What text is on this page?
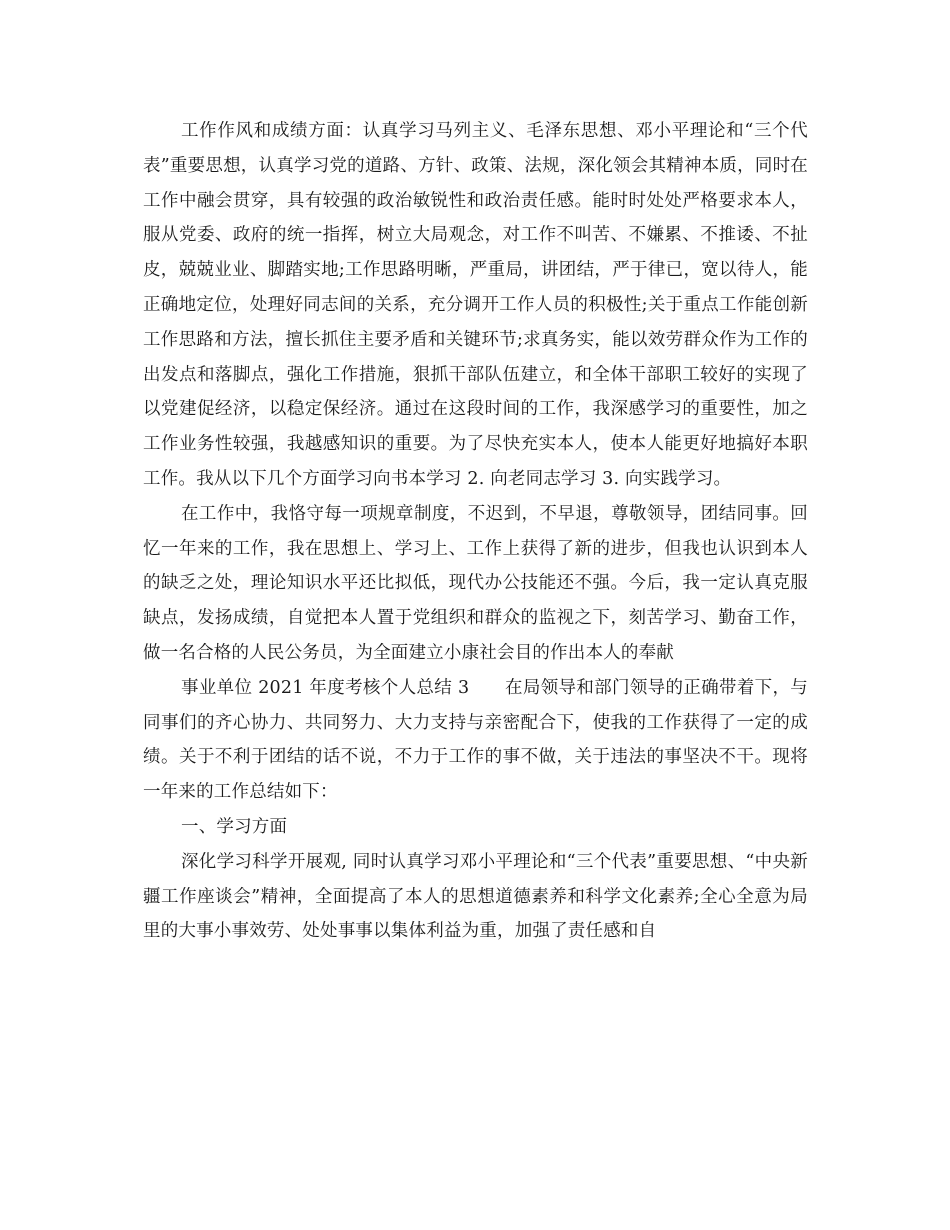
工作作风和成绩方面：认真学习马列主义、毛泽东思想、邓小平理论和“三个代表”重要思想，认真学习党的道路、方针、政策、法规，深化领会其精神本质，同时在工作中融会贯穿，具有较强的政治敏锐性和政治责任感。能时时处处严格要求本人，服从党委、政府的统一指挥，树立大局观念，对工作不叫苦、不嫌累、不推诿、不扯皮，兢兢业业、脚踏实地;工作思路明晰，严重局，讲团结，严于律已，宽以待人，能正确地定位，处理好同志间的关系，充分调开工作人员的积极性;关于重点工作能创新工作思路和方法，擅长抓住主要矛盾和关键环节;求真务实，能以效劳群众作为工作的出发点和落脚点，强化工作措施，狠抓干部队伍建立，和全体干部职工较好的实现了以党建促经济，以稳定保经济。通过在这段时间的工作，我深感学习的重要性，加之工作业务性较强，我越感知识的重要。为了尽快充实本人，使本人能更好地搞好本职工作。我从以下几个方面学习向书本学习 2. 向老同志学习 3. 向实践学习。

在工作中，我恪守每一项规章制度，不迟到，不早退，尊敬领导，团结同事。回忆一年来的工作，我在思想上、学习上、工作上获得了新的进步，但我也认识到本人的缺乏之处，理论知识水平还比拟低，现代办公技能还不强。今后，我一定认真克服缺点，发扬成绩，自觉把本人置于党组织和群众的监视之下，刻苦学习、勤奋工作，做一名合格的人民公务员，为全面建立小康社会目的作出本人的奉献

事业单位 2021 年度考核个人总结 3　　在局领导和部门领导的正确带着下，与同事们的齐心协力、共同努力、大力支持与亲密配合下，使我的工作获得了一定的成绩。关于不利于团结的话不说，不力于工作的事不做，关于违法的事坚决不干。现将一年来的工作总结如下：

一、学习方面

深化学习科学开展观, 同时认真学习邓小平理论和“三个代表”重要思想、“中央新疆工作座谈会”精神，全面提高了本人的思想道德素养和科学文化素养;全心全意为局里的大事小事效劳、处处事事以集体利益为重，加强了责任感和自
